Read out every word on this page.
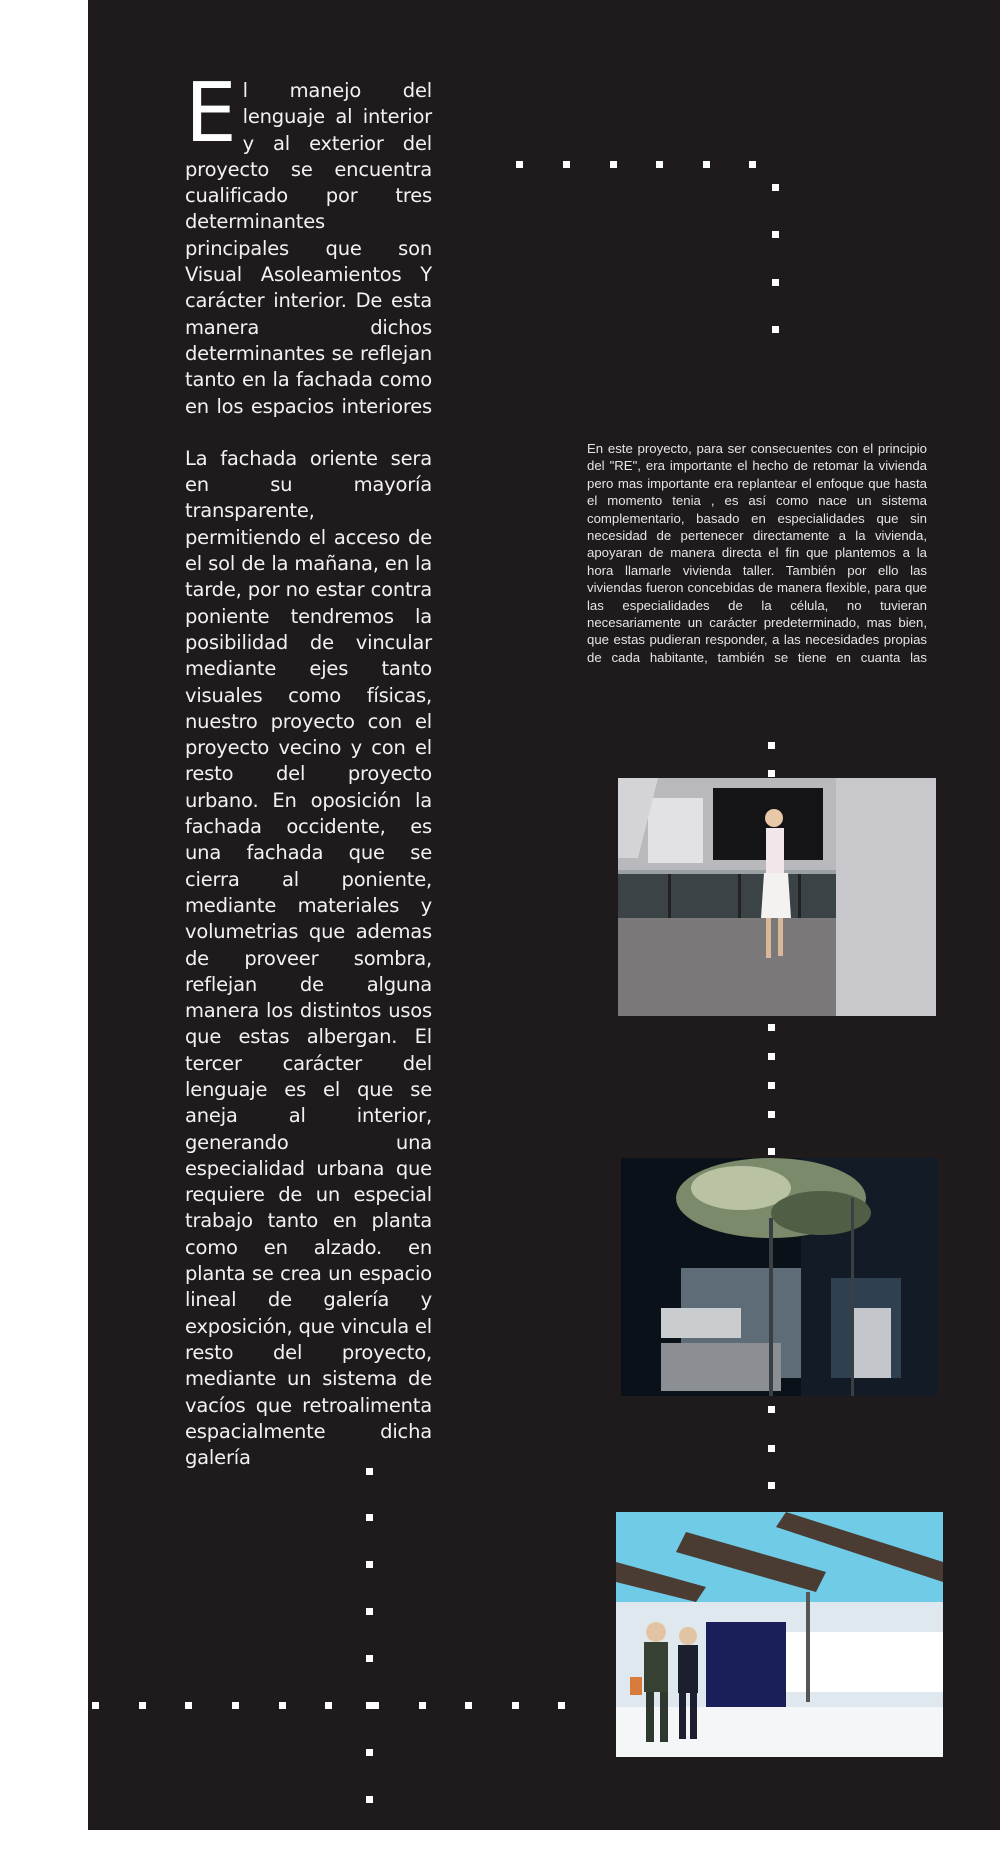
El manejo del lenguaje al interior y al exterior del proyecto se encuentra cualificado por tres determinantes principales que son Visual Asoleamientos Y carácter interior. De esta manera dichos determinantes se reflejan tanto en la fachada como en los espacios interiores

La fachada oriente sera en su mayoría transparente, permitiendo el acceso de el sol de la mañana, en la tarde, por no estar contra poniente tendremos la posibilidad de vincular mediante ejes tanto visuales como físicas, nuestro proyecto con el proyecto vecino y con el resto del proyecto urbano. En oposición la fachada occidente, es una fachada que se cierra al poniente, mediante materiales y volumetrias que ademas de proveer sombra, reflejan de alguna manera los distintos usos que estas albergan. El tercer carácter del lenguaje es el que se aneja al interior, generando una especialidad urbana que requiere de un especial trabajo tanto en planta como en alzado. en planta se crea un espacio lineal de galería y exposición, que vincula el resto del proyecto, mediante un sistema de vacíos que retroalimenta espacialmente dicha galería

En este proyecto, para ser consecuentes con el principio del "RE", era importante el hecho de retomar la vivienda pero mas importante era replantear el enfoque que hasta el momento tenia , es así como nace un sistema complementario, basado en especialidades que sin necesidad de pertenecer directamente a la vivienda, apoyaran de manera directa el fin que plantemos a la hora llamarle vivienda taller. También por ello las viviendas fueron concebidas de manera flexible, para que las especialidades de la célula, no tuvieran necesariamente un carácter predeterminado, mas bien, que estas pudieran responder, a las necesidades propias de cada habitante, también se tiene en cuanta las
